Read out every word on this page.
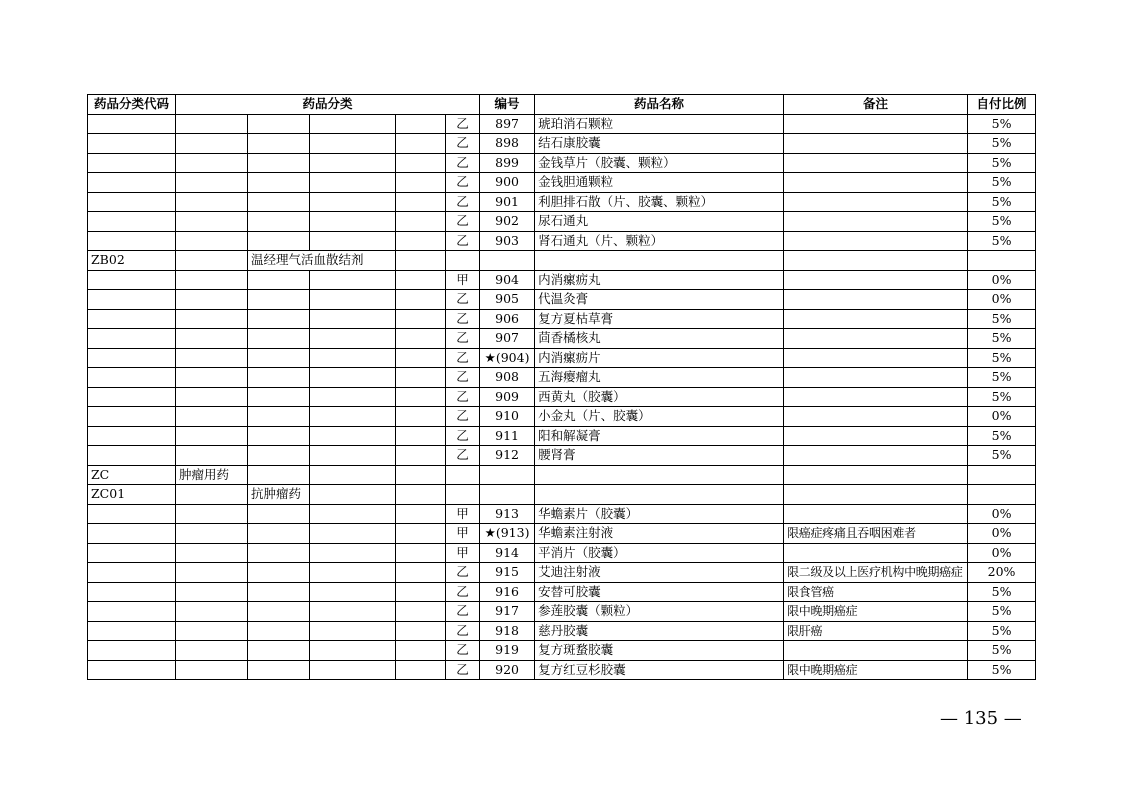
药品分类代码	药品分类					编号	药品名称	备注	自付比例
					乙	897	琥珀消石颗粒		5%
					乙	898	结石康胶囊		5%
					乙	899	金钱草片（胶囊、颗粒）		5%
					乙	900	金钱胆通颗粒		5%
					乙	901	利胆排石散（片、胶囊、颗粒）		5%
					乙	902	尿石通丸		5%
					乙	903	肾石通丸（片、颗粒）		5%
ZB02		温经理气活血散结剂							

					甲	904	内消瘰疬丸		0%
					乙	905	代温灸膏		0%
					乙	906	复方夏枯草膏		5%
					乙	907	茴香橘核丸		5%
					乙	★(904)	内消瘰疬片		5%
					乙	908	五海瘿瘤丸		5%
					乙	909	西黄丸（胶囊）		5%
					乙	910	小金丸（片、胶囊）		0%
					乙	911	阳和解凝膏		5%
					乙	912	腰肾膏		5%
ZC	肿瘤用药								
ZC01		抗肿瘤药							
					甲	913	华蟾素片（胶囊）		0%
					甲	★(913)	华蟾素注射液	限癌症疼痛且吞咽困难者	0%
					甲	914	平消片（胶囊）		0%
					乙	915	艾迪注射液	限二级及以上医疗机构中晚期癌症	20%
					乙	916	安替可胶囊	限食管癌	5%
					乙	917	参莲胶囊（颗粒）	限中晚期癌症	5%
					乙	918	慈丹胶囊	限肝癌	5%
					乙	919	复方斑蝥胶囊		5%
					乙	920	复方红豆杉胶囊	限中晚期癌症	5%
— 135 —
